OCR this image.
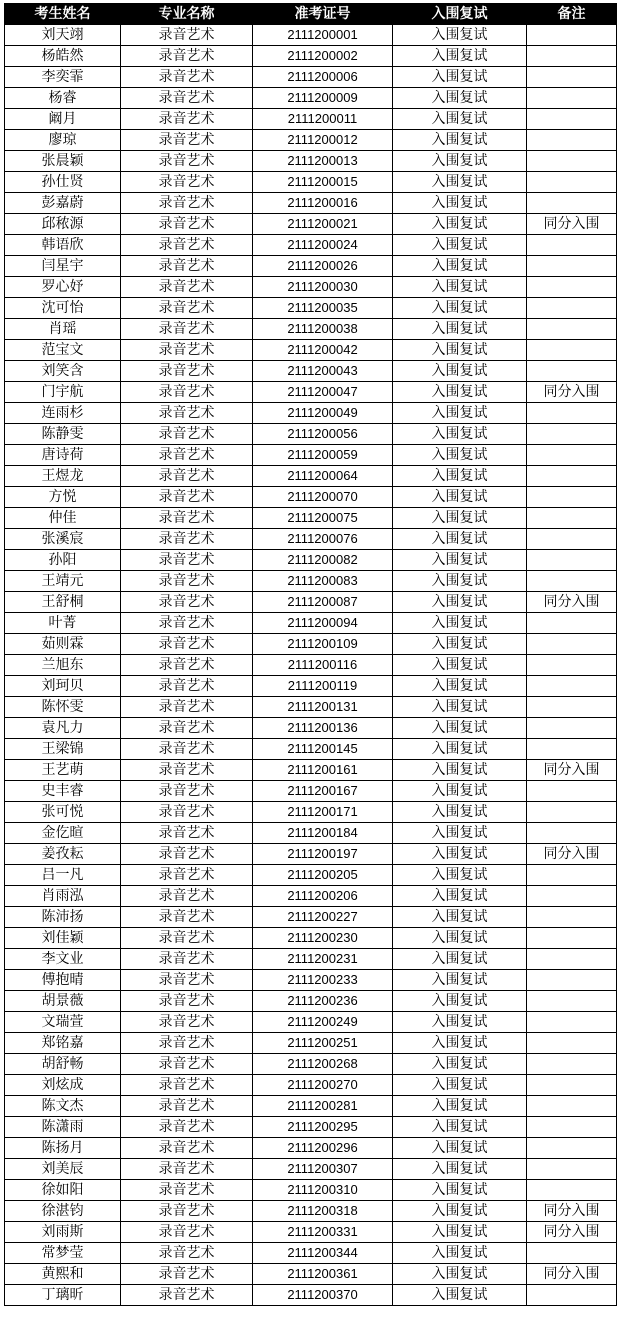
考生姓名	专业名称	准考证号	入围复试	备注
刘天翊	录音艺术	2111200001	入围复试	
杨皓然	录音艺术	2111200002	入围复试	
李奕霏	录音艺术	2111200006	入围复试	
杨睿	录音艺术	2111200009	入围复试	
阚月	录音艺术	2111200011	入围复试	
廖琼	录音艺术	2111200012	入围复试	
张晨颖	录音艺术	2111200013	入围复试	
孙仕贤	录音艺术	2111200015	入围复试	
彭嘉蔚	录音艺术	2111200016	入围复试	
邱秾源	录音艺术	2111200021	入围复试	同分入围
韩语欣	录音艺术	2111200024	入围复试	
闫星宇	录音艺术	2111200026	入围复试	
罗心妤	录音艺术	2111200030	入围复试	
沈可怡	录音艺术	2111200035	入围复试	
肖瑶	录音艺术	2111200038	入围复试	
范宝文	录音艺术	2111200042	入围复试	
刘笑含	录音艺术	2111200043	入围复试	
门宇航	录音艺术	2111200047	入围复试	同分入围
连雨杉	录音艺术	2111200049	入围复试	
陈静雯	录音艺术	2111200056	入围复试	
唐诗荷	录音艺术	2111200059	入围复试	
王煜龙	录音艺术	2111200064	入围复试	
方悦	录音艺术	2111200070	入围复试	
仲佳	录音艺术	2111200075	入围复试	
张溪宸	录音艺术	2111200076	入围复试	
孙阳	录音艺术	2111200082	入围复试	
王靖元	录音艺术	2111200083	入围复试	
王舒桐	录音艺术	2111200087	入围复试	同分入围
叶菁	录音艺术	2111200094	入围复试	
茹则霖	录音艺术	2111200109	入围复试	
兰旭东	录音艺术	2111200116	入围复试	
刘珂贝	录音艺术	2111200119	入围复试	
陈怀雯	录音艺术	2111200131	入围复试	
袁凡力	录音艺术	2111200136	入围复试	
王梁锦	录音艺术	2111200145	入围复试	
王艺萌	录音艺术	2111200161	入围复试	同分入围
史丰睿	录音艺术	2111200167	入围复试	
张可悦	录音艺术	2111200171	入围复试	
金仡暄	录音艺术	2111200184	入围复试	
姜孜耘	录音艺术	2111200197	入围复试	同分入围
吕一凡	录音艺术	2111200205	入围复试	
肖雨泓	录音艺术	2111200206	入围复试	
陈沛扬	录音艺术	2111200227	入围复试	
刘佳颖	录音艺术	2111200230	入围复试	
李文业	录音艺术	2111200231	入围复试	
傅抱晴	录音艺术	2111200233	入围复试	
胡景薇	录音艺术	2111200236	入围复试	
文瑞萱	录音艺术	2111200249	入围复试	
郑铭嘉	录音艺术	2111200251	入围复试	
胡舒畅	录音艺术	2111200268	入围复试	
刘炫成	录音艺术	2111200270	入围复试	
陈文杰	录音艺术	2111200281	入围复试	
陈潇雨	录音艺术	2111200295	入围复试	
陈扬月	录音艺术	2111200296	入围复试	
刘美辰	录音艺术	2111200307	入围复试	
徐如阳	录音艺术	2111200310	入围复试	
徐湛钧	录音艺术	2111200318	入围复试	同分入围
刘雨斯	录音艺术	2111200331	入围复试	同分入围
常梦莹	录音艺术	2111200344	入围复试	
黄熙和	录音艺术	2111200361	入围复试	同分入围
丁璃昕	录音艺术	2111200370	入围复试	
